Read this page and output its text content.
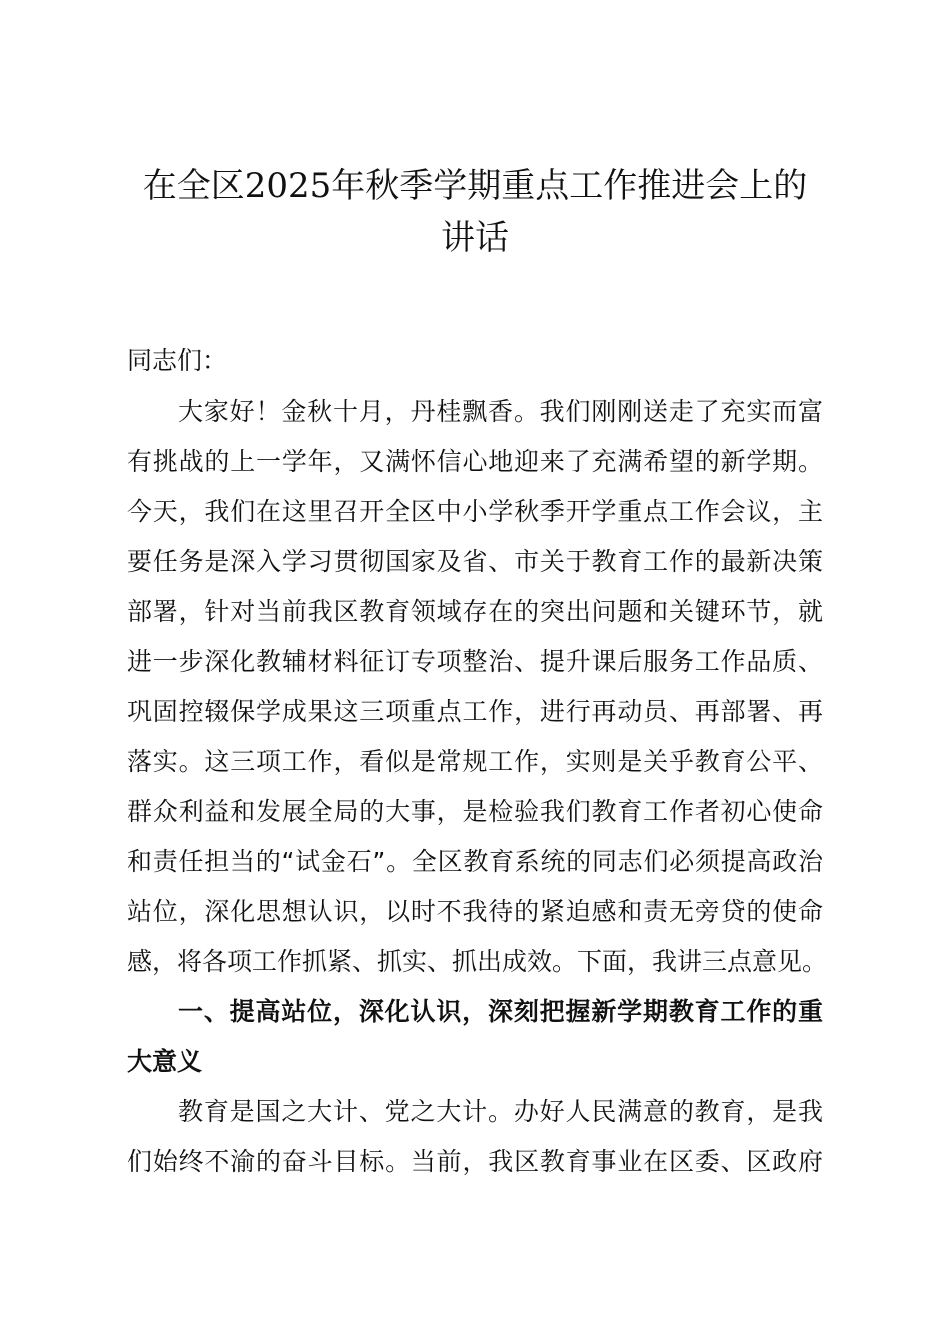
在全区2025年秋季学期重点工作推进会上的
讲话
同志们：
大家好！金秋十月，丹桂飘香。我们刚刚送走了充实而富
有挑战的上一学年，又满怀信心地迎来了充满希望的新学期。
今天，我们在这里召开全区中小学秋季开学重点工作会议，主
要任务是深入学习贯彻国家及省、市关于教育工作的最新决策
部署，针对当前我区教育领域存在的突出问题和关键环节，就
进一步深化教辅材料征订专项整治、提升课后服务工作品质、
巩固控辍保学成果这三项重点工作，进行再动员、再部署、再
落实。这三项工作，看似是常规工作，实则是关乎教育公平、
群众利益和发展全局的大事，是检验我们教育工作者初心使命
和责任担当的“试金石”。全区教育系统的同志们必须提高政治
站位，深化思想认识，以时不我待的紧迫感和责无旁贷的使命
感，将各项工作抓紧、抓实、抓出成效。下面，我讲三点意见。
一、提高站位，深化认识，深刻把握新学期教育工作的重
大意义
教育是国之大计、党之大计。办好人民满意的教育，是我
们始终不渝的奋斗目标。当前，我区教育事业在区委、区政府
